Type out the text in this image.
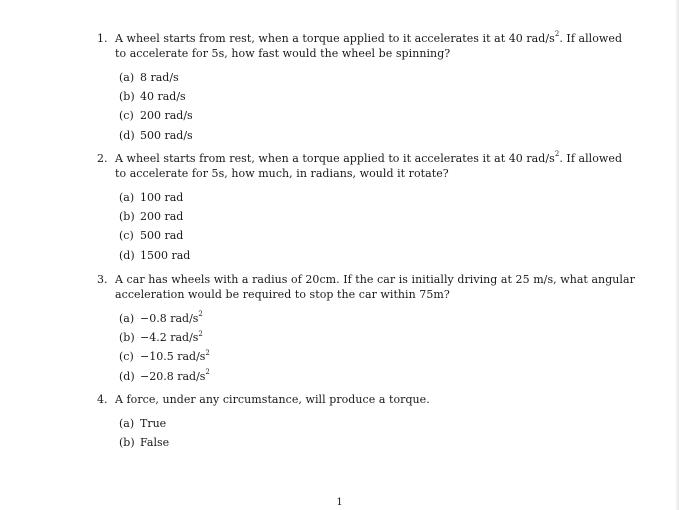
1. A wheel starts from rest, when a torque applied to it accelerates it at 40 rad/$s^2$. If allowed
to accelerate for 5s, how fast would the wheel be spinning?
(a) 8 rad/s
(b) 40 rad/s
(c) 200 rad/s
(d) 500 rad/s
2. A wheel starts from rest, when a torque applied to it accelerates it at 40 rad/$s^2$. If allowed
to accelerate for 5s, how much, in radians, would it rotate?
(a) 100 rad
(b) 200 rad
(c) 500 rad
(d) 1500 rad
3. A car has wheels with a radius of 20cm. If the car is initially driving at 25 m/s, what angular
acceleration would be required to stop the car within 75m?
(a) −0.8 rad/$s^2$
(b) −4.2 rad/$s^2$
(c) −10.5 rad/$s^2$
(d) −20.8 rad/$s^2$
4. A force, under any circumstance, will produce a torque.
(a) True
(b) False
1
